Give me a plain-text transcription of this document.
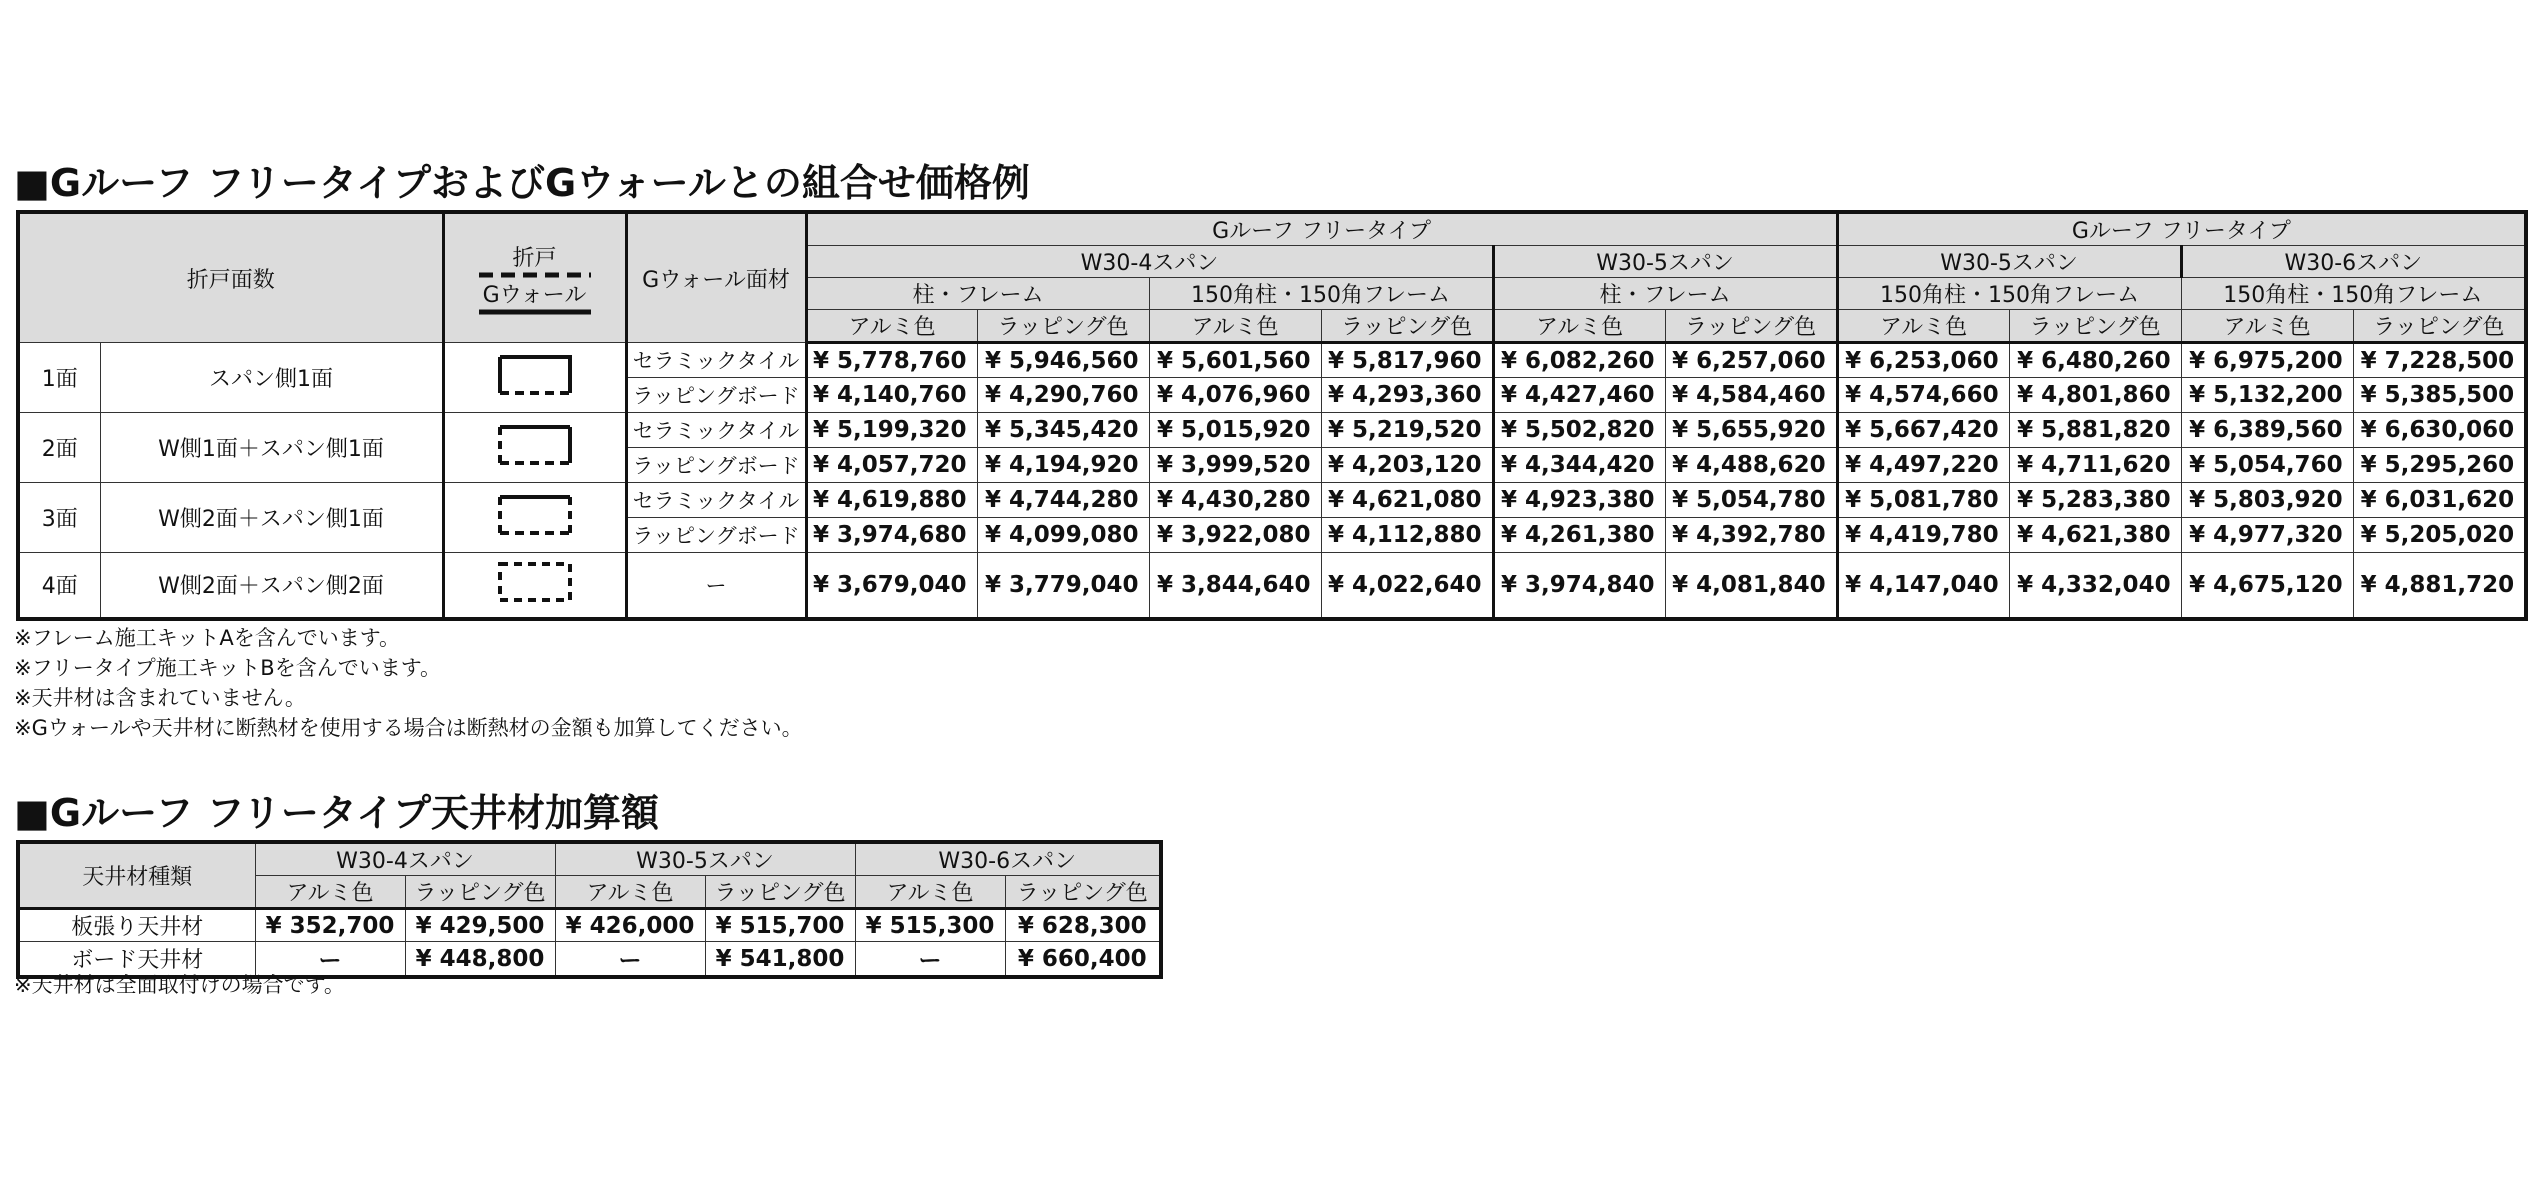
■Gルーフ フリータイプおよびGウォールとの組合せ価格例
折戸面数		折戸
Gウォール	Gウォール面材	Gルーフ フリータイプ						Gルーフ フリータイプ			
				W30-4スパン				W30-5スパン		W30-5スパン		W30-6スパン	
				柱・フレーム		150角柱・150角フレーム		柱・フレーム		150角柱・150角フレーム		150角柱・150角フレーム	
				アルミ色	ラッピング色	アルミ色	ラッピング色	アルミ色	ラッピング色	アルミ色	ラッピング色	アルミ色	ラッピング色
1面	スパン側1面		セラミックタイル	¥ 5,778,760	¥ 5,946,560	¥ 5,601,560	¥ 5,817,960	¥ 6,082,260	¥ 6,257,060	¥ 6,253,060	¥ 6,480,260	¥ 6,975,200	¥ 7,228,500
			ラッピングボード	¥ 4,140,760	¥ 4,290,760	¥ 4,076,960	¥ 4,293,360	¥ 4,427,460	¥ 4,584,460	¥ 4,574,660	¥ 4,801,860	¥ 5,132,200	¥ 5,385,500
2面	W側1面＋スパン側1面		セラミックタイル	¥ 5,199,320	¥ 5,345,420	¥ 5,015,920	¥ 5,219,520	¥ 5,502,820	¥ 5,655,920	¥ 5,667,420	¥ 5,881,820	¥ 6,389,560	¥ 6,630,060
			ラッピングボード	¥ 4,057,720	¥ 4,194,920	¥ 3,999,520	¥ 4,203,120	¥ 4,344,420	¥ 4,488,620	¥ 4,497,220	¥ 4,711,620	¥ 5,054,760	¥ 5,295,260
3面	W側2面＋スパン側1面		セラミックタイル	¥ 4,619,880	¥ 4,744,280	¥ 4,430,280	¥ 4,621,080	¥ 4,923,380	¥ 5,054,780	¥ 5,081,780	¥ 5,283,380	¥ 5,803,920	¥ 6,031,620
			ラッピングボード	¥ 3,974,680	¥ 4,099,080	¥ 3,922,080	¥ 4,112,880	¥ 4,261,380	¥ 4,392,780	¥ 4,419,780	¥ 4,621,380	¥ 4,977,320	¥ 5,205,020
4面	W側2面＋スパン側2面		ー	¥ 3,679,040	¥ 3,779,040	¥ 3,844,640	¥ 4,022,640	¥ 3,974,840	¥ 4,081,840	¥ 4,147,040	¥ 4,332,040	¥ 4,675,120	¥ 4,881,720
※フレーム施工キットAを含んでいます。
※フリータイプ施工キットBを含んでいます。
※天井材は含まれていません。
※Gウォールや天井材に断熱材を使用する場合は断熱材の金額も加算してください。
■Gルーフ フリータイプ天井材加算額
天井材種類	W30-4スパン		W30-5スパン		W30-6スパン	
	アルミ色	ラッピング色	アルミ色	ラッピング色	アルミ色	ラッピング色
板張り天井材	¥ 352,700	¥ 429,500	¥ 426,000	¥ 515,700	¥ 515,300	¥ 628,300
ボード天井材	ー	¥ 448,800	ー	¥ 541,800	ー	¥ 660,400
※天井材は全面取付けの場合です。
